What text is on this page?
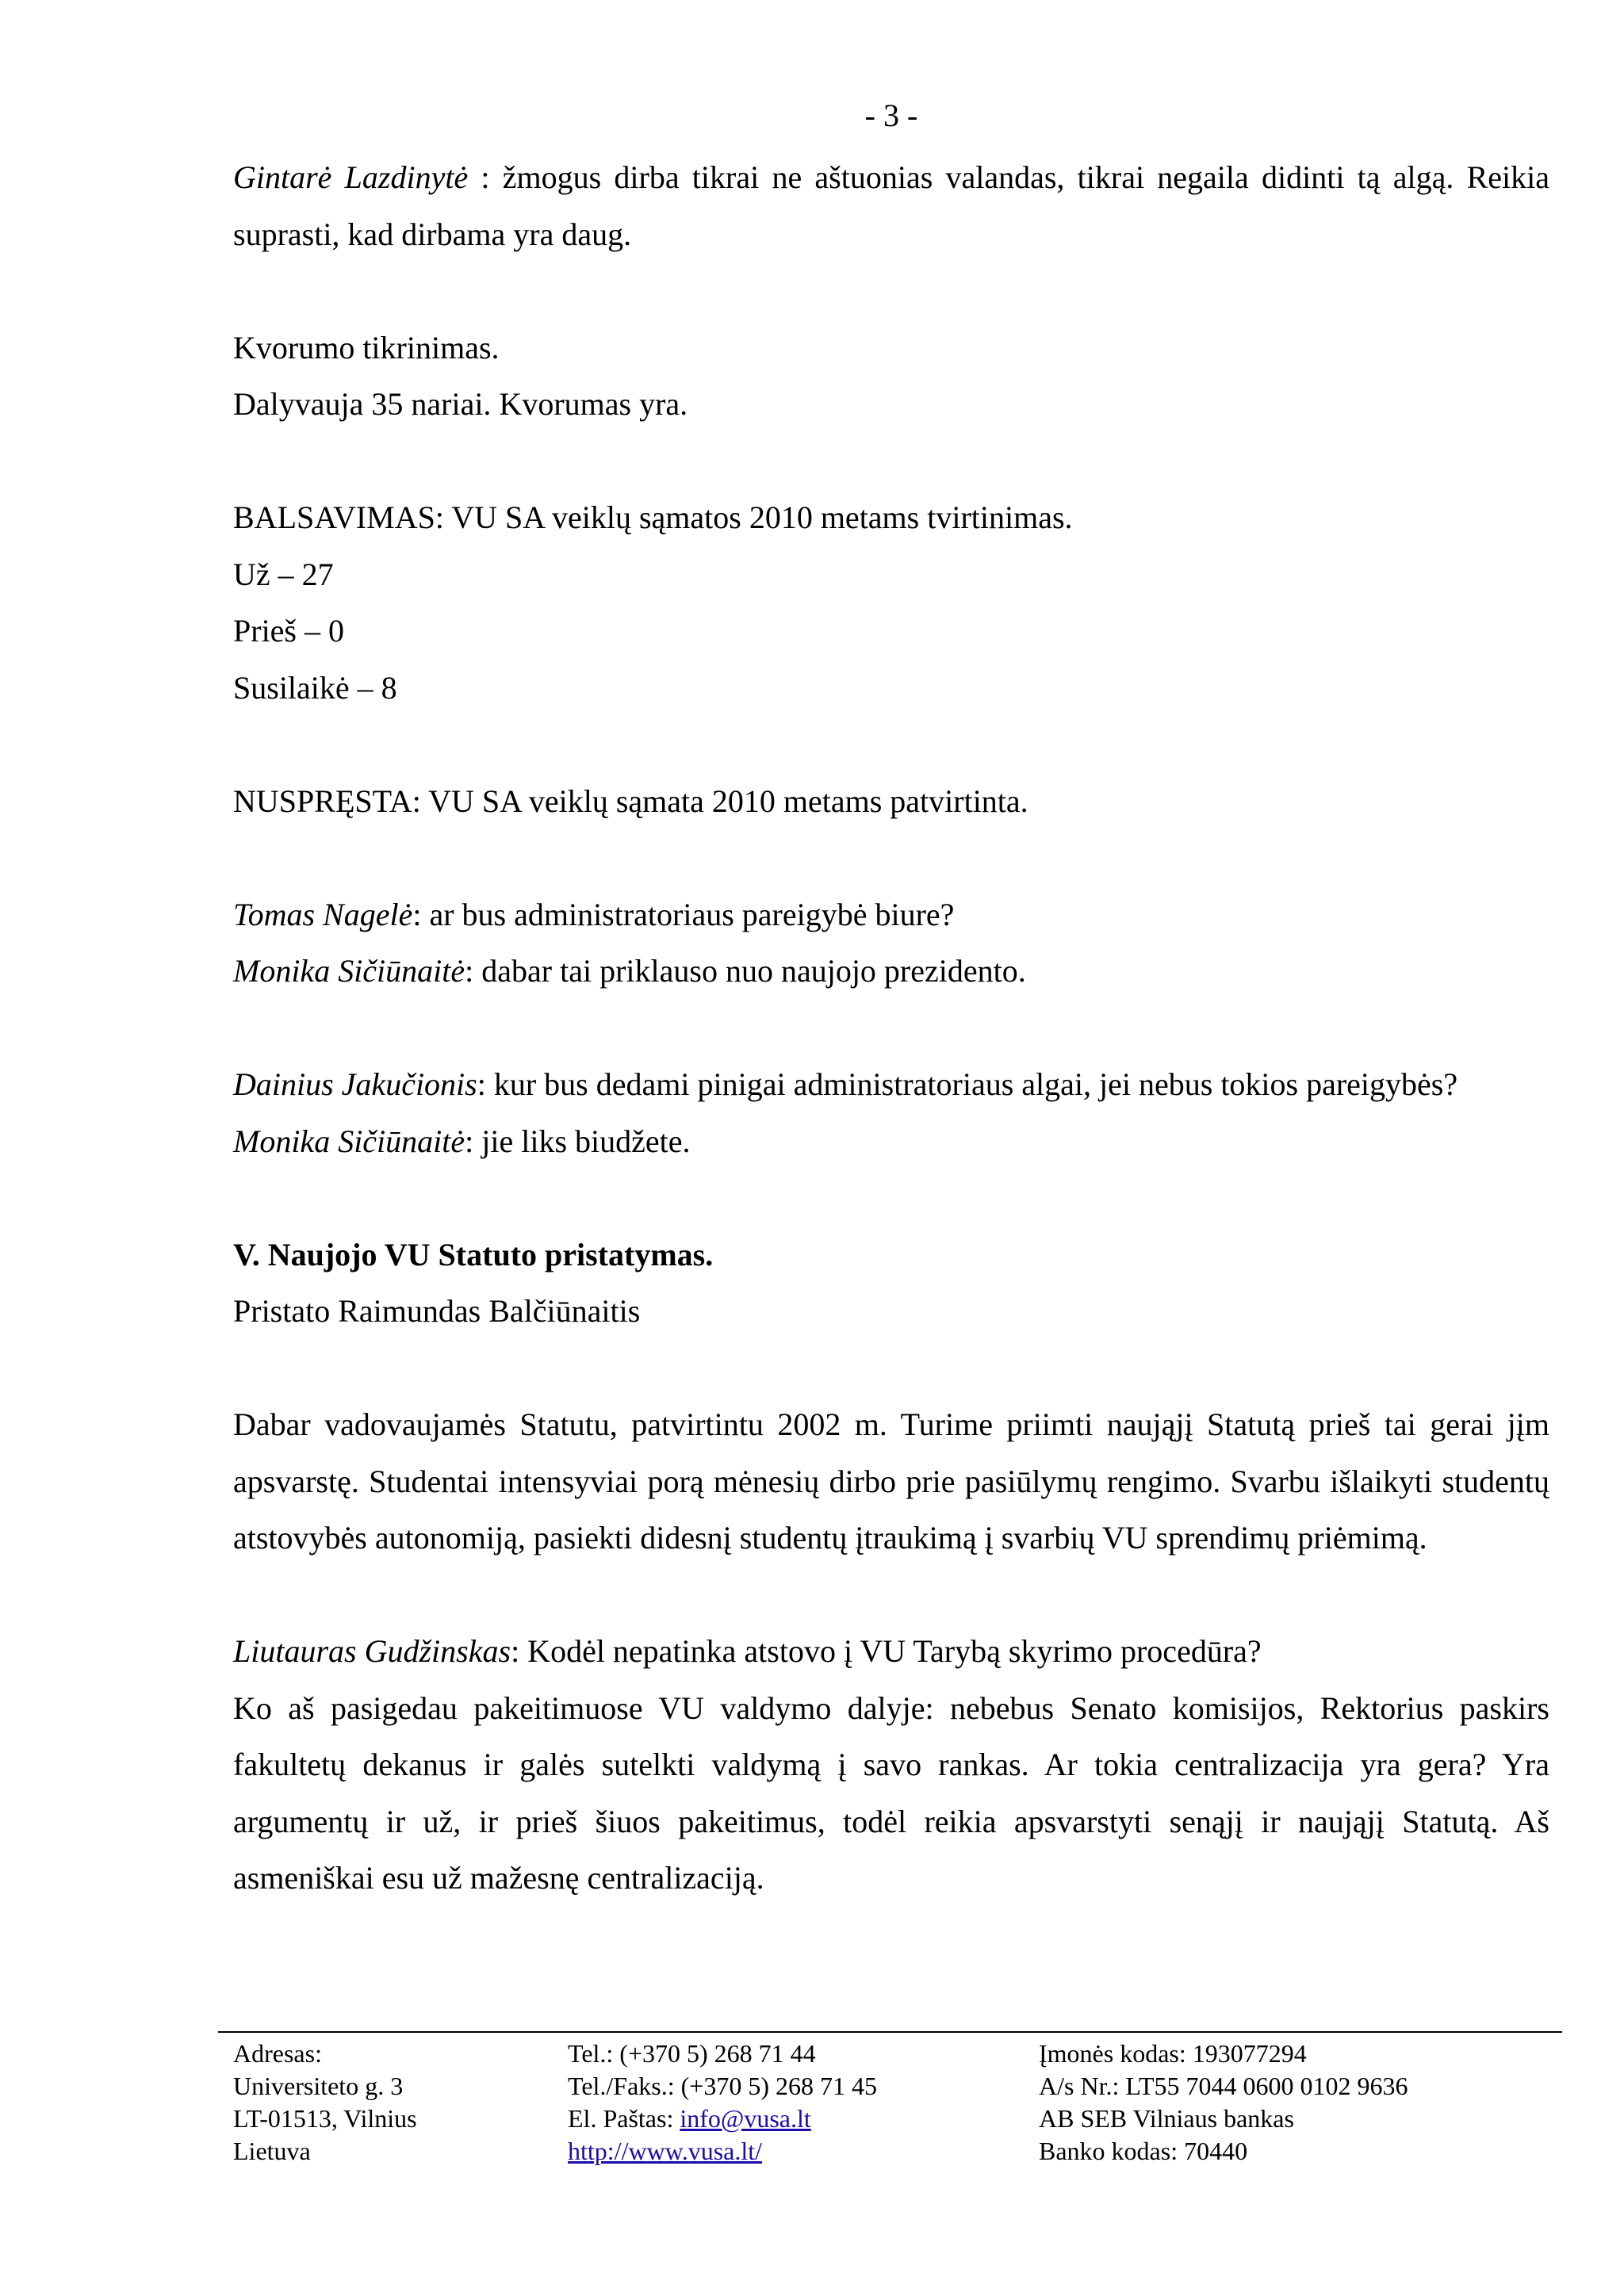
- 3 -

Gintarė Lazdinytė : žmogus dirba tikrai ne aštuonias valandas, tikrai negaila didinti tą algą. Reikia suprasti, kad dirbama yra daug.

Kvorumo tikrinimas.

Dalyvauja 35 nariai. Kvorumas yra.

BALSAVIMAS: VU SA veiklų sąmatos 2010 metams tvirtinimas.

Už – 27

Prieš – 0

Susilaikė – 8

NUSPRĘSTA: VU SA veiklų sąmata 2010 metams patvirtinta.

Tomas Nagelė: ar bus administratoriaus pareigybė biure?

Monika Sičiūnaitė: dabar tai priklauso nuo naujojo prezidento.

Dainius Jakučionis: kur bus dedami pinigai administratoriaus algai, jei nebus tokios pareigybės?

Monika Sičiūnaitė: jie liks biudžete.

V. Naujojo VU Statuto pristatymas.

Pristato Raimundas Balčiūnaitis

Dabar vadovaujamės Statutu, patvirtintu 2002 m. Turime priimti naująjį Statutą prieš tai gerai jįm apsvarstę. Studentai intensyviai porą mėnesių dirbo prie pasiūlymų rengimo. Svarbu išlaikyti studentų atstovybės autonomiją, pasiekti didesnį studentų įtraukimą į svarbių VU sprendimų priėmimą.

Liutauras Gudžinskas: Kodėl nepatinka atstovo į VU Tarybą skyrimo procedūra?

Ko aš pasigedau pakeitimuose VU valdymo dalyje: nebebus Senato komisijos, Rektorius paskirs fakultetų dekanus ir galės sutelkti valdymą į savo rankas. Ar tokia centralizacija yra gera? Yra argumentų ir už, ir prieš šiuos pakeitimus, todėl reikia apsvarstyti senąjį ir naująjį Statutą. Aš asmeniškai esu už mažesnę centralizaciją.

Adresas:
Universiteto g. 3
LT-01513, Vilnius
Lietuva
Tel.: (+370 5) 268 71 44
Tel./Faks.: (+370 5) 268 71 45
El. Paštas: info@vusa.lt
http://www.vusa.lt/
Įmonės kodas: 193077294
A/s Nr.: LT55 7044 0600 0102 9636
AB SEB Vilniaus bankas
Banko kodas: 70440
